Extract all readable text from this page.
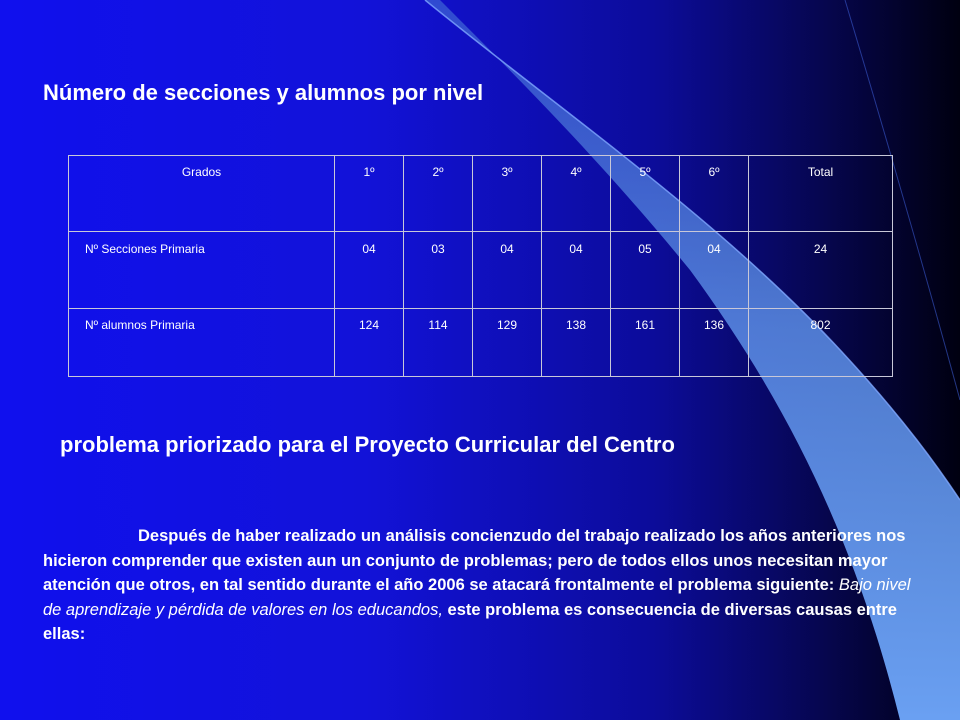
Número de secciones y alumnos por nivel
Grados	1º	2º	3º	4º	5º	6º	Total
Nº Secciones Primaria	04	03	04	04	05	04	24
Nº alumnos Primaria	124	114	129	138	161	136	802
problema priorizado para el Proyecto Curricular del Centro

Después de haber realizado un análisis concienzudo del trabajo realizado los años anteriores nos hicieron comprender que existen aun un conjunto de problemas; pero de todos ellos unos necesitan mayor atención que otros, en tal sentido durante el año 2006 se atacará frontalmente el problema siguiente: Bajo nivel de aprendizaje y pérdida de valores en los educandos, este problema es consecuencia de diversas causas entre ellas:
